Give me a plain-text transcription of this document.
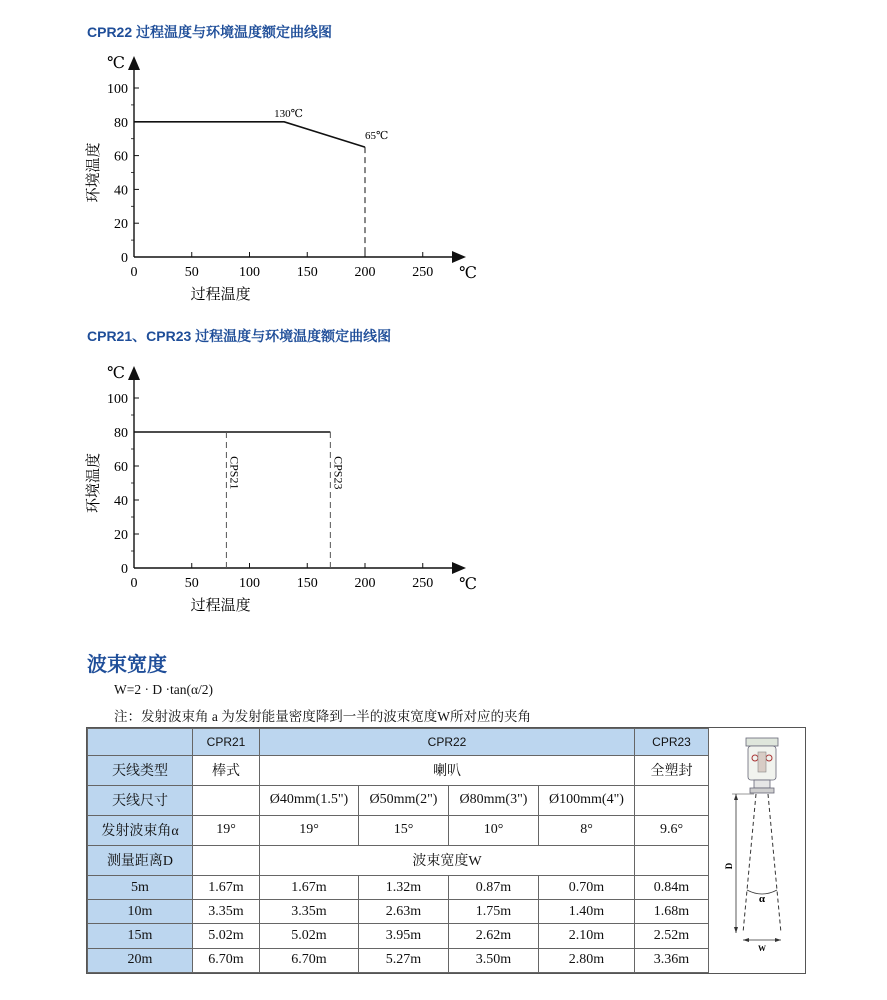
CPR22 过程温度与环境温度额定曲线图
0	50	100	150	200	250
0
20
40
60
80
100
℃
℃
过程温度
环境温度
130℃
65℃
CPR21、CPR23 过程温度与环境温度额定曲线图
0	50	100	150	200	250
0
20
40
60
80
100
℃
℃
过程温度
环境温度	CPS21	CPS23
波束宽度
W=2 · D ·tan(α/2)
注：发射波束角 a 为发射能量密度降到一半的波束宽度W所对应的夹角
	CPR21	CPR22				CPR23
天线类型	棒式	喇叭				全塑封
天线尺寸		Ø40mm(1.5")	Ø50mm(2")	Ø80mm(3")	Ø100mm(4")	
发射波束角α	19°	19°	15°	10°	8°	9.6°
测量距离D		波束宽度W				
5m	1.67m	1.67m	1.32m	0.87m	0.70m	0.84m
10m	3.35m	3.35m	2.63m	1.75m	1.40m	1.68m
15m	5.02m	5.02m	3.95m	2.62m	2.10m	2.52m
20m	6.70m	6.70m	5.27m	3.50m	2.80m	3.36m
D
α
W
